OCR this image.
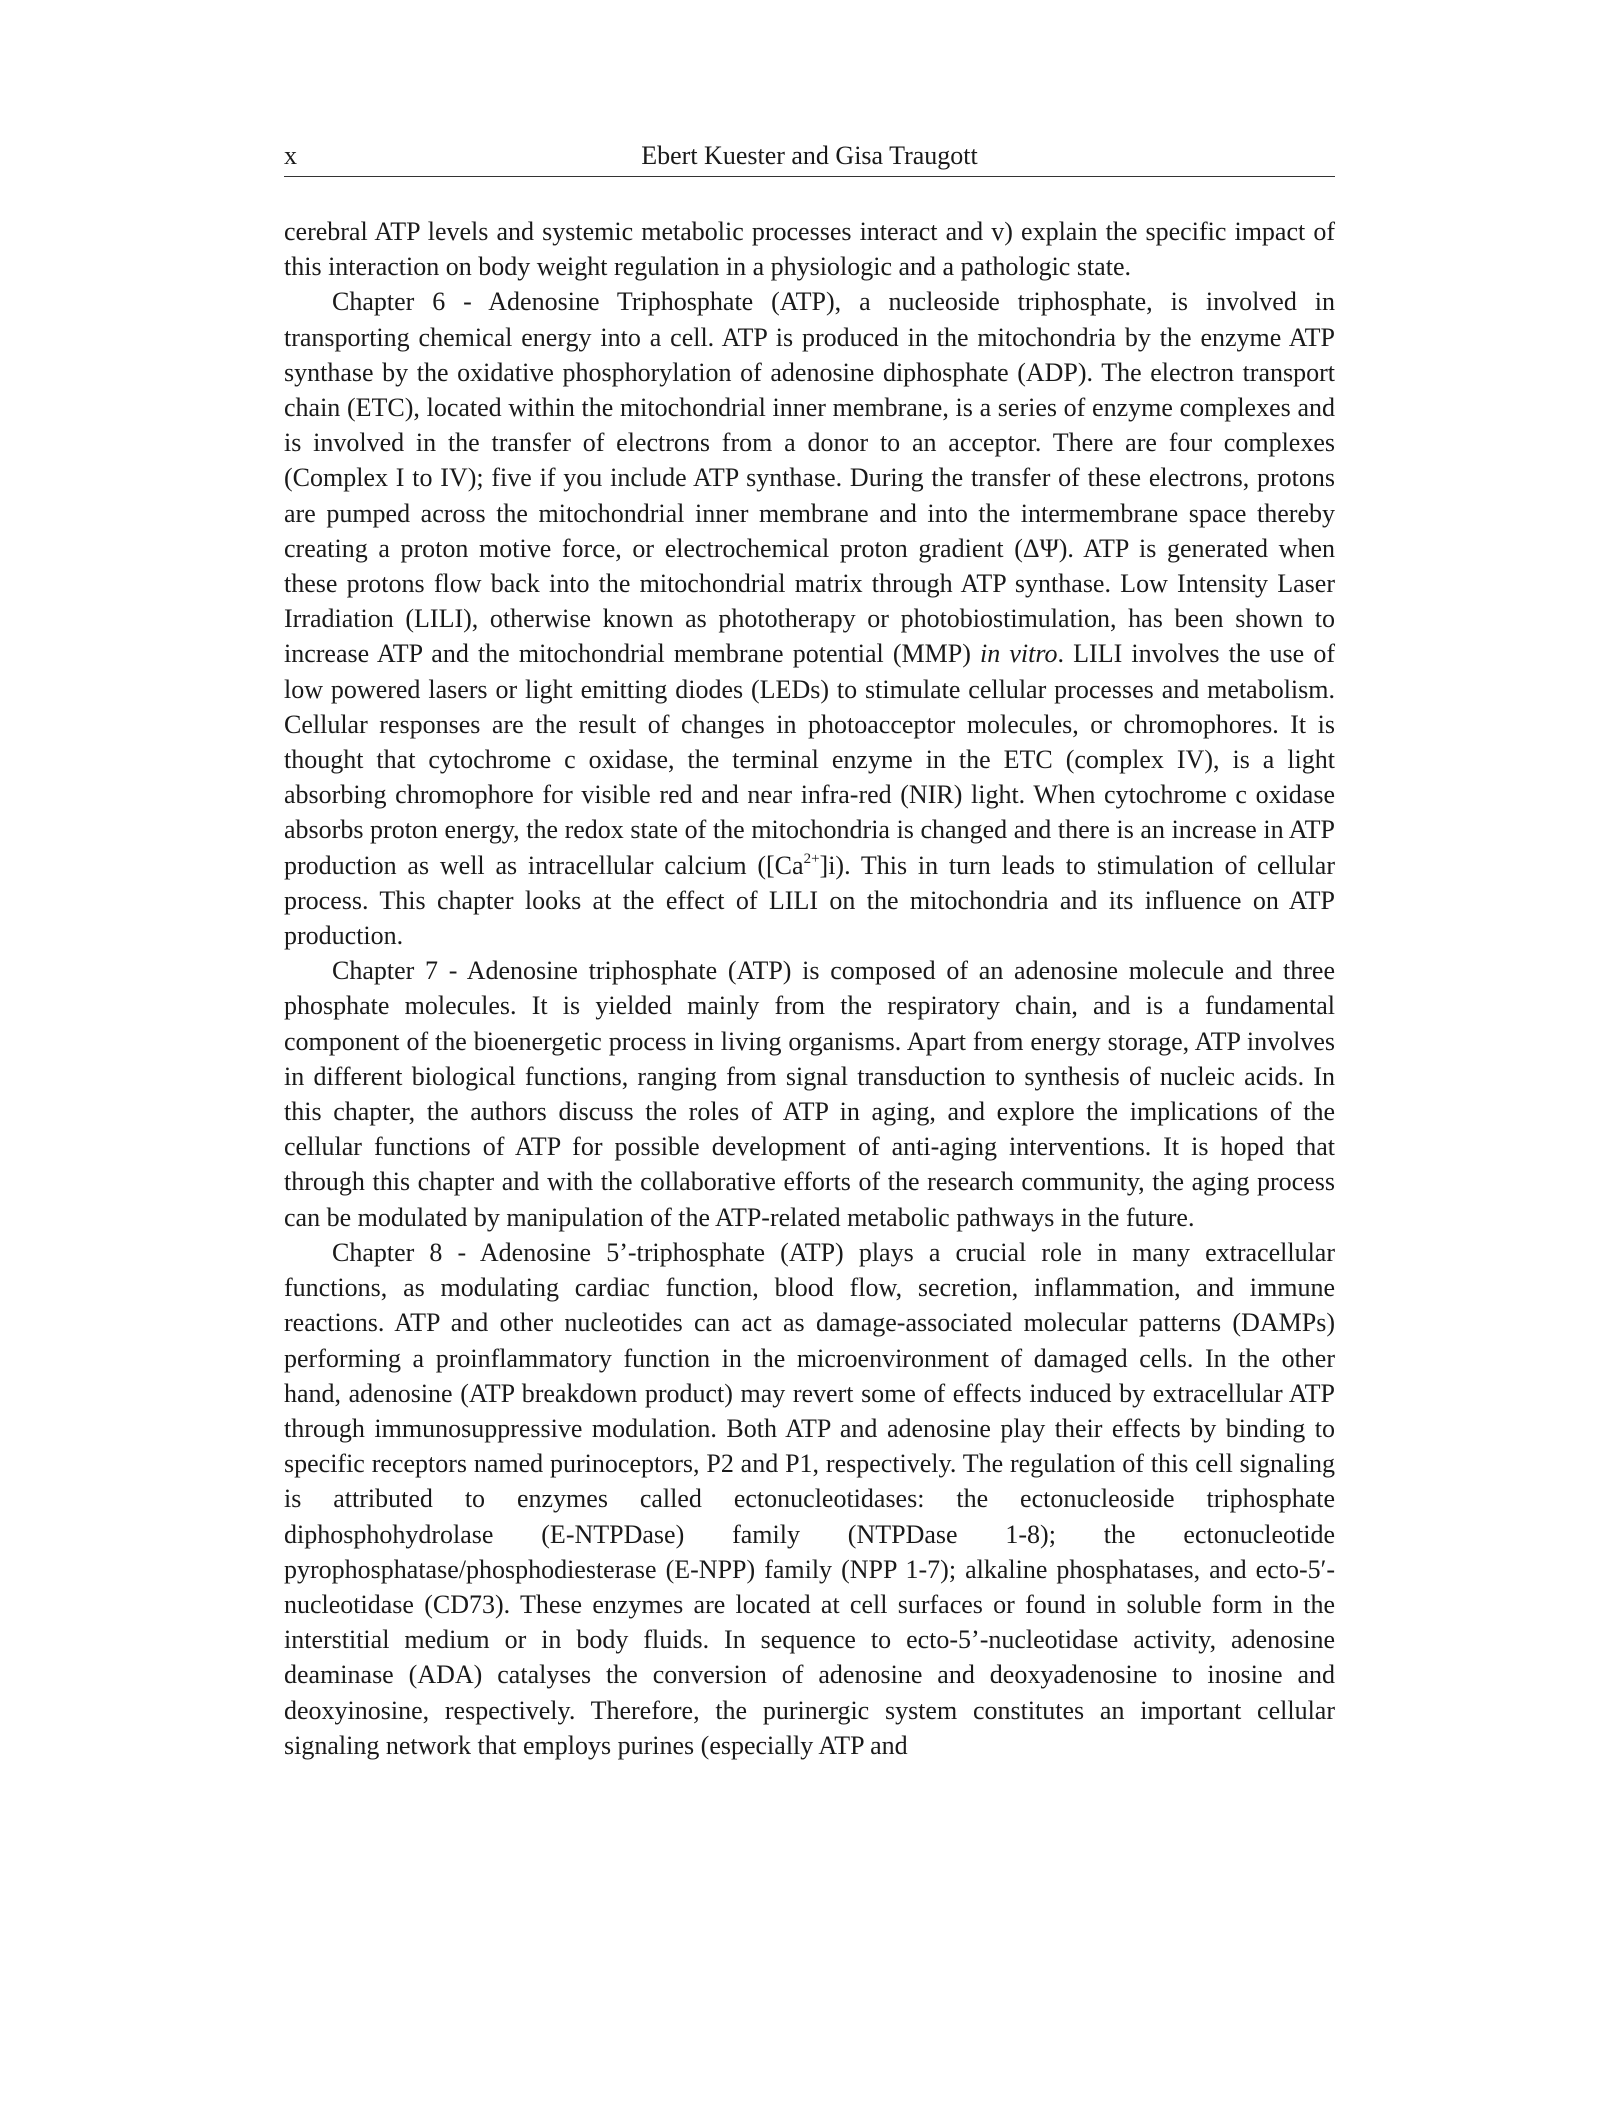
x	Ebert Kuester and Gisa Traugott

cerebral ATP levels and systemic metabolic processes interact and v) explain the specific impact of this interaction on body weight regulation in a physiologic and a pathologic state.

Chapter 6 - Adenosine Triphosphate (ATP), a nucleoside triphosphate, is involved in transporting chemical energy into a cell. ATP is produced in the mitochondria by the enzyme ATP synthase by the oxidative phosphorylation of adenosine diphosphate (ADP). The electron transport chain (ETC), located within the mitochondrial inner membrane, is a series of enzyme complexes and is involved in the transfer of electrons from a donor to an acceptor. There are four complexes (Complex I to IV); five if you include ATP synthase. During the transfer of these electrons, protons are pumped across the mitochondrial inner membrane and into the intermembrane space thereby creating a proton motive force, or electrochemical proton gradient (ΔΨ). ATP is generated when these protons flow back into the mitochondrial matrix through ATP synthase. Low Intensity Laser Irradiation (LILI), otherwise known as phototherapy or photobiostimulation, has been shown to increase ATP and the mitochondrial membrane potential (MMP) in vitro. LILI involves the use of low powered lasers or light emitting diodes (LEDs) to stimulate cellular processes and metabolism. Cellular responses are the result of changes in photoacceptor molecules, or chromophores. It is thought that cytochrome c oxidase, the terminal enzyme in the ETC (complex IV), is a light absorbing chromophore for visible red and near infra-red (NIR) light. When cytochrome c oxidase absorbs proton energy, the redox state of the mitochondria is changed and there is an increase in ATP production as well as intracellular calcium $([Ca^{2+}]i)$. This in turn leads to stimulation of cellular process. This chapter looks at the effect of LILI on the mitochondria and its influence on ATP production.

Chapter 7 - Adenosine triphosphate (ATP) is composed of an adenosine molecule and three phosphate molecules. It is yielded mainly from the respiratory chain, and is a fundamental component of the bioenergetic process in living organisms. Apart from energy storage, ATP involves in different biological functions, ranging from signal transduction to synthesis of nucleic acids. In this chapter, the authors discuss the roles of ATP in aging, and explore the implications of the cellular functions of ATP for possible development of anti-aging interventions. It is hoped that through this chapter and with the collaborative efforts of the research community, the aging process can be modulated by manipulation of the ATP-related metabolic pathways in the future.

Chapter 8 - Adenosine 5’-triphosphate (ATP) plays a crucial role in many extracellular functions, as modulating cardiac function, blood flow, secretion, inflammation, and immune reactions. ATP and other nucleotides can act as damage-associated molecular patterns (DAMPs) performing a proinflammatory function in the microenvironment of damaged cells. In the other hand, adenosine (ATP breakdown product) may revert some of effects induced by extracellular ATP through immunosuppressive modulation. Both ATP and adenosine play their effects by binding to specific receptors named purinoceptors, P2 and P1, respectively. The regulation of this cell signaling is attributed to enzymes called ectonucleotidases: the ectonucleoside triphosphate diphosphohydrolase (E-NTPDase) family (NTPDase 1-8); the ectonucleotide pyrophosphatase/phosphodiesterase (E-NPP) family (NPP 1-7); alkaline phosphatases, and ecto-5′-nucleotidase (CD73). These enzymes are located at cell surfaces or found in soluble form in the interstitial medium or in body fluids. In sequence to ecto-5’-nucleotidase activity, adenosine deaminase (ADA) catalyses the conversion of adenosine and deoxyadenosine to inosine and deoxyinosine, respectively. Therefore, the purinergic system constitutes an important cellular signaling network that employs purines (especially ATP and
